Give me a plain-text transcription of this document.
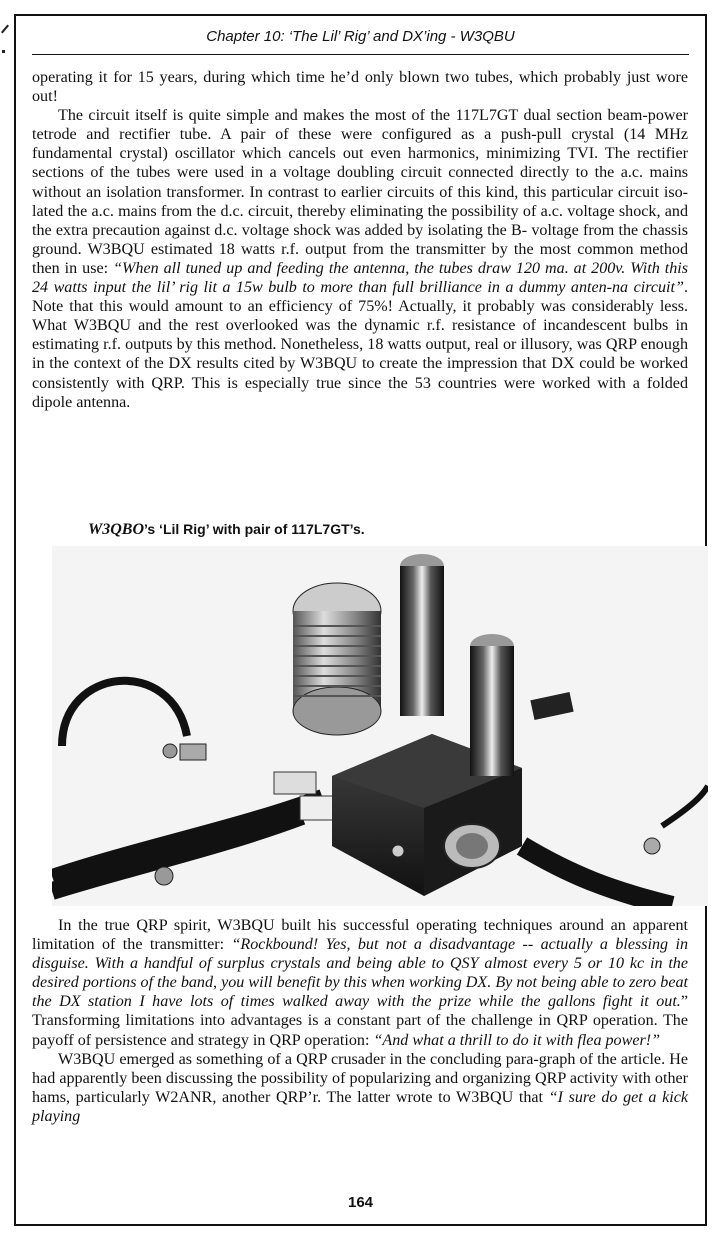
Chapter 10: ‘The Lil’ Rig’ and DX’ing - W3QBU

operating it for 15 years, during which time he’d only blown two tubes, which probably just wore out!

The circuit itself is quite simple and makes the most of the 117L7GT dual section beam-power tetrode and rectifier tube. A pair of these were configured as a push-pull crystal (14 MHz fundamental crystal) oscillator which cancels out even harmonics, minimizing TVI. The rectifier sections of the tubes were used in a voltage doubling circuit connected directly to the a.c. mains without an isolation transformer. In contrast to earlier circuits of this kind, this particular circuit iso-lated the a.c. mains from the d.c. circuit, thereby eliminating the possibility of a.c. voltage shock, and the extra precaution against d.c. voltage shock was added by isolating the B- voltage from the chassis ground. W3BQU estimated 18 watts r.f. output from the transmitter by the most common method then in use: “When all tuned up and feeding the antenna, the tubes draw 120 ma. at 200v. With this 24 watts input the lil’ rig lit a 15w bulb to more than full brilliance in a dummy anten-na circuit”. Note that this would amount to an efficiency of 75%! Actually, it probably was considerably less. What W3BQU and the rest overlooked was the dynamic r.f. resistance of incandescent bulbs in estimating r.f. outputs by this method. Nonetheless, 18 watts output, real or illusory, was QRP enough in the context of the DX results cited by W3BQU to create the impression that DX could be worked consistently with QRP. This is especially true since the 53 countries were worked with a folded dipole antenna.

W3QBO’s ‘Lil Rig’ with pair of 117L7GT’s.

In the true QRP spirit, W3BQU built his successful operating techniques around an apparent limitation of the transmitter: “Rockbound! Yes, but not a disadvantage -- actually a blessing in disguise. With a handful of surplus crystals and being able to QSY almost every 5 or 10 kc in the desired portions of the band, you will benefit by this when working DX. By not being able to zero beat the DX station I have lots of times walked away with the prize while the gallons fight it out.” Transforming limitations into advantages is a constant part of the challenge in QRP operation. The payoff of persistence and strategy in QRP operation: “And what a thrill to do it with flea power!”

W3BQU emerged as something of a QRP crusader in the concluding para-graph of the article. He had apparently been discussing the possibility of popularizing and organizing QRP activity with other hams, particularly W2ANR, another QRP’r. The latter wrote to W3BQU that “I sure do get a kick playing

164
